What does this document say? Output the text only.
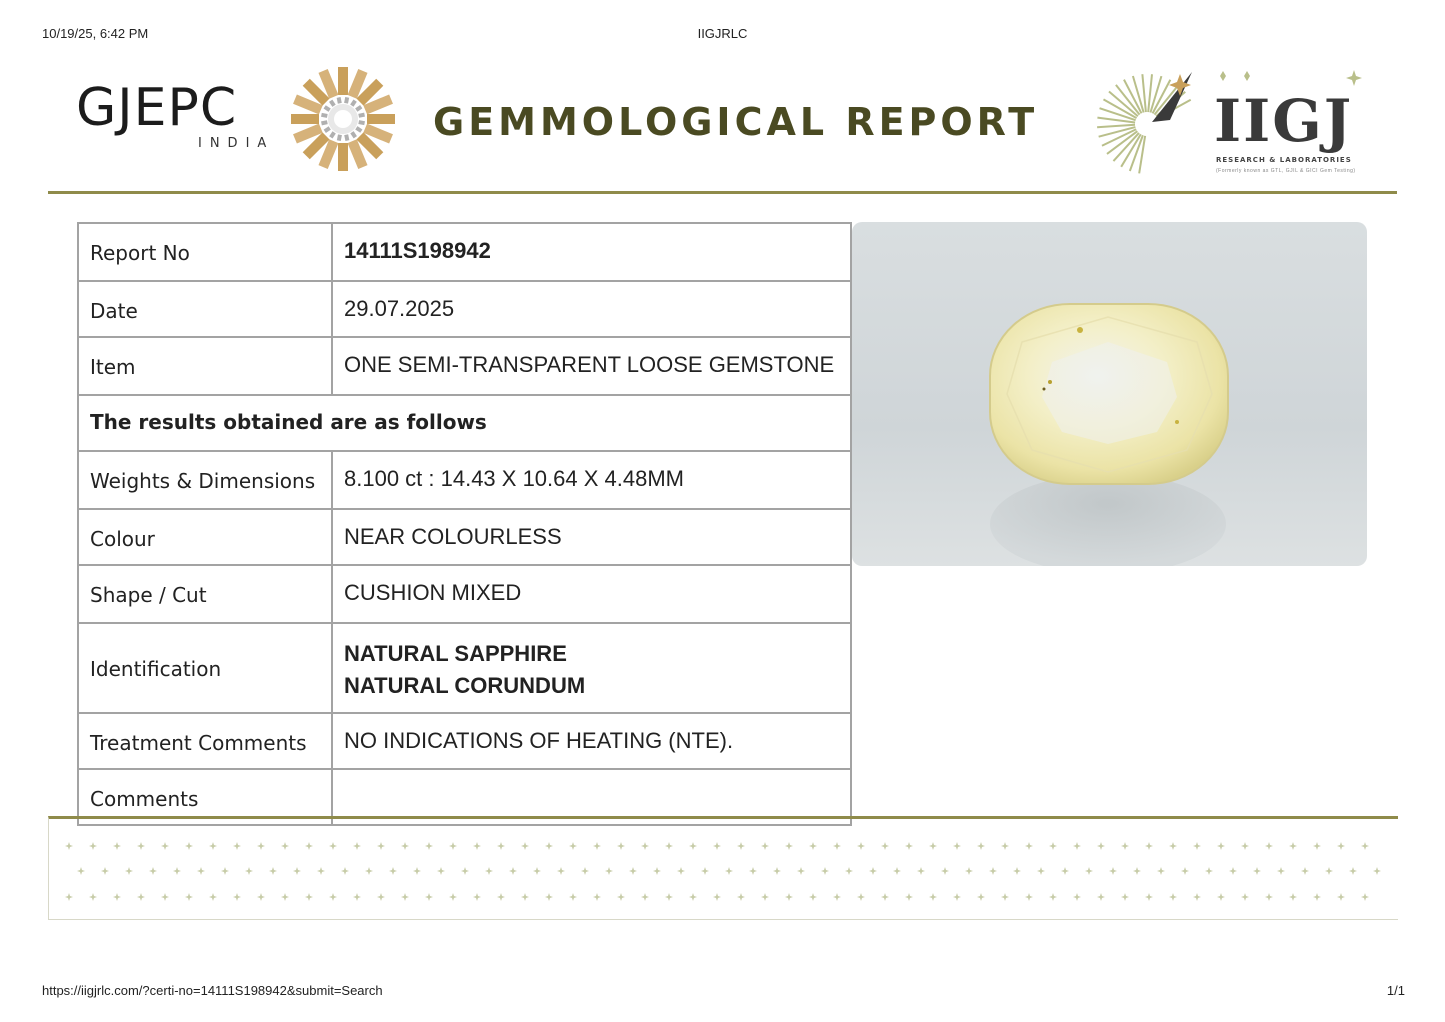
10/19/25, 6:42 PM	IIGJRLC
GJEPC
INDIA	GEMMOLOGICAL REPORT	IIGJ
RESEARCH & LABORATORIES
(Formerly known as GTL, GJIL & GICI Gem Testing)
Report No	14111S198942

Date	29.07.2025

Item	ONE SEMI-TRANSPARENT LOOSE GEMSTONE

The results obtained are as follows	

Weights & Dimensions	8.100 ct : 14.43 X 10.64 X 4.48MM

Colour	NEAR COLOURLESS

Shape / Cut	CUSHION MIXED

Identification	NATURAL SAPPHIRE
NATURAL CORUNDUM

Treatment Comments	NO INDICATIONS OF HEATING (NTE).

Comments	

https://iigjrlc.com/?certi-no=14111S198942&submit=Search	1/1
